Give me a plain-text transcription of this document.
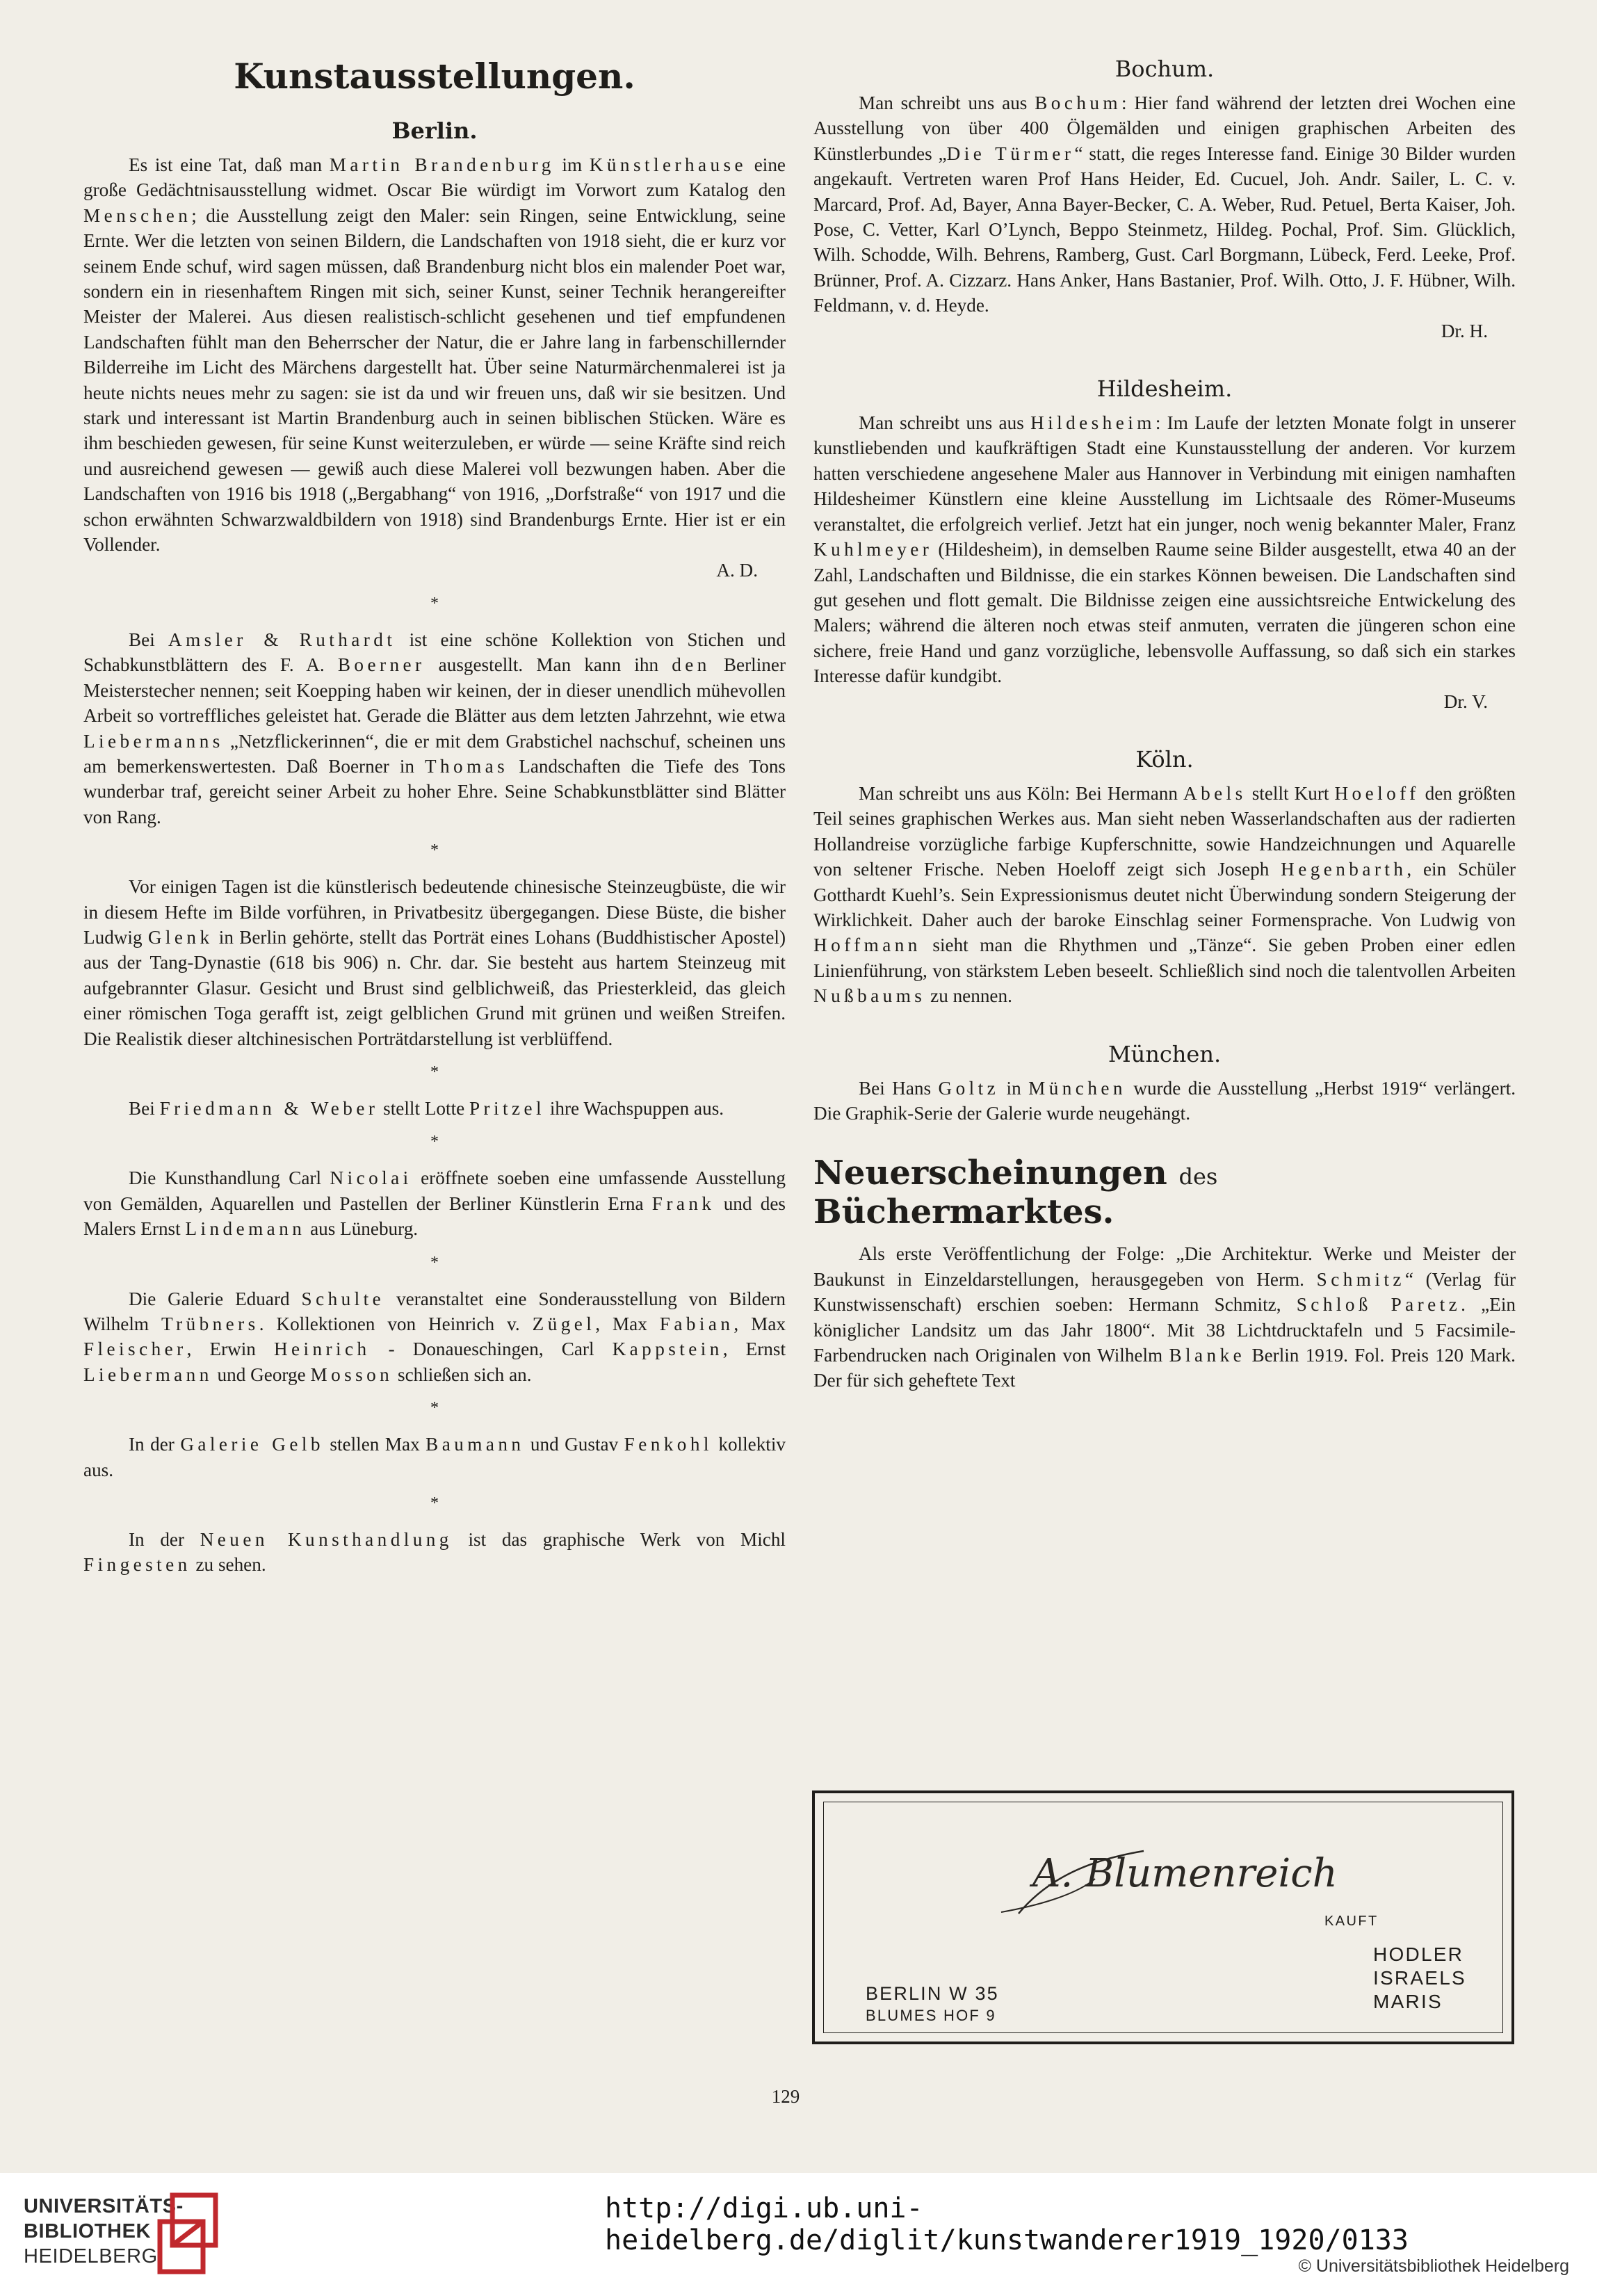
Kunstausstellungen.
Berlin.

Es ist eine Tat, daß man Martin Brandenburg im Künstlerhause eine große Gedächtnisausstellung widmet. Oscar Bie würdigt im Vorwort zum Katalog den Menschen; die Ausstellung zeigt den Maler: sein Ringen, seine Entwicklung, seine Ernte. Wer die letzten von seinen Bildern, die Landschaften von 1918 sieht, die er kurz vor seinem Ende schuf, wird sagen müssen, daß Brandenburg nicht blos ein malender Poet war, sondern ein in riesenhaftem Ringen mit sich, seiner Kunst, seiner Technik herangereifter Meister der Malerei. Aus diesen realistisch-schlicht gesehenen und tief empfundenen Landschaften fühlt man den Beherrscher der Natur, die er Jahre lang in farbenschillernder Bilderreihe im Licht des Märchens dargestellt hat. Über seine Naturmärchenmalerei ist ja heute nichts neues mehr zu sagen: sie ist da und wir freuen uns, daß wir sie besitzen. Und stark und interessant ist Martin Brandenburg auch in seinen biblischen Stücken. Wäre es ihm beschieden gewesen, für seine Kunst weiterzuleben, er würde — seine Kräfte sind reich und ausreichend gewesen — gewiß auch diese Malerei voll bezwungen haben. Aber die Landschaften von 1916 bis 1918 („Bergabhang“ von 1916, „Dorfstraße“ von 1917 und die schon erwähnten Schwarzwaldbildern von 1918) sind Brandenburgs Ernte. Hier ist er ein Vollender.

A. D.

*

Bei Amsler & Ruthardt ist eine schöne Kollektion von Stichen und Schabkunstblättern des F. A. Boerner ausgestellt. Man kann ihn den Berliner Meisterstecher nennen; seit Koepping haben wir keinen, der in dieser unendlich mühevollen Arbeit so vortreffliches geleistet hat. Gerade die Blätter aus dem letzten Jahrzehnt, wie etwa Liebermanns „Netzflickerinnen“, die er mit dem Grabstichel nachschuf, scheinen uns am bemerkenswertesten. Daß Boerner in Thomas Landschaften die Tiefe des Tons wunderbar traf, gereicht seiner Arbeit zu hoher Ehre. Seine Schabkunstblätter sind Blätter von Rang.

*

Vor einigen Tagen ist die künstlerisch bedeutende chinesische Steinzeugbüste, die wir in diesem Hefte im Bilde vorführen, in Privatbesitz übergegangen. Diese Büste, die bisher Ludwig Glenk in Berlin gehörte, stellt das Porträt eines Lohans (Buddhistischer Apostel) aus der Tang-Dynastie (618 bis 906) n. Chr. dar. Sie besteht aus hartem Steinzeug mit aufgebrannter Glasur. Gesicht und Brust sind gelblichweiß, das Priesterkleid, das gleich einer römischen Toga gerafft ist, zeigt gelblichen Grund mit grünen und weißen Streifen. Die Realistik dieser altchinesischen Porträtdarstellung ist verblüffend.

*

Bei Friedmann & Weber stellt Lotte Pritzel ihre Wachspuppen aus.

*

Die Kunsthandlung Carl Nicolai eröffnete soeben eine umfassende Ausstellung von Gemälden, Aquarellen und Pastellen der Berliner Künstlerin Erna Frank und des Malers Ernst Lindemann aus Lüneburg.

*

Die Galerie Eduard Schulte veranstaltet eine Sonderausstellung von Bildern Wilhelm Trübners. Kollektionen von Heinrich v. Zügel, Max Fabian, Max Fleischer, Erwin Heinrich - Donaueschingen, Carl Kappstein, Ernst Liebermann und George Mosson schließen sich an.

*

In der Galerie Gelb stellen Max Baumann und Gustav Fenkohl kollektiv aus.

*

In der Neuen Kunsthandlung ist das graphische Werk von Michl Fingesten zu sehen.

Bochum.

Man schreibt uns aus Bochum: Hier fand während der letzten drei Wochen eine Ausstellung von über 400 Ölgemälden und einigen graphischen Arbeiten des Künstlerbundes „Die Türmer“ statt, die reges Interesse fand. Einige 30 Bilder wurden angekauft. Vertreten waren Prof Hans Heider, Ed. Cucuel, Joh. Andr. Sailer, L. C. v. Marcard, Prof. Ad, Bayer, Anna Bayer-Becker, C. A. Weber, Rud. Petuel, Berta Kaiser, Joh. Pose, C. Vetter, Karl O’Lynch, Beppo Steinmetz, Hildeg. Pochal, Prof. Sim. Glücklich, Wilh. Schodde, Wilh. Behrens, Ramberg, Gust. Carl Borgmann, Lübeck, Ferd. Leeke, Prof. Brünner, Prof. A. Cizzarz. Hans Anker, Hans Bastanier, Prof. Wilh. Otto, J. F. Hübner, Wilh. Feldmann, v. d. Heyde.

Dr. H.

Hildesheim.

Man schreibt uns aus Hildesheim: Im Laufe der letzten Monate folgt in unserer kunstliebenden und kaufkräftigen Stadt eine Kunstausstellung der anderen. Vor kurzem hatten verschiedene angesehene Maler aus Hannover in Verbindung mit einigen namhaften Hildesheimer Künstlern eine kleine Ausstellung im Lichtsaale des Römer-Museums veranstaltet, die erfolgreich verlief. Jetzt hat ein junger, noch wenig bekannter Maler, Franz Kuhlmeyer (Hildesheim), in demselben Raume seine Bilder ausgestellt, etwa 40 an der Zahl, Landschaften und Bildnisse, die ein starkes Können beweisen. Die Landschaften sind gut gesehen und flott gemalt. Die Bildnisse zeigen eine aussichtsreiche Entwickelung des Malers; während die älteren noch etwas steif anmuten, verraten die jüngeren schon eine sichere, freie Hand und ganz vorzügliche, lebensvolle Auffassung, so daß sich ein starkes Interesse dafür kundgibt.

Dr. V.

Köln.

Man schreibt uns aus Köln: Bei Hermann Abels stellt Kurt Hoeloff den größten Teil seines graphischen Werkes aus. Man sieht neben Wasserlandschaften aus der radierten Hollandreise vorzügliche farbige Kupferschnitte, sowie Handzeichnungen und Aquarelle von seltener Frische. Neben Hoeloff zeigt sich Joseph Hegenbarth, ein Schüler Gotthardt Kuehl’s. Sein Expressionismus deutet nicht Überwindung sondern Steigerung der Wirklichkeit. Daher auch der baroke Einschlag seiner Formensprache. Von Ludwig von Hoffmann sieht man die Rhythmen und „Tänze“. Sie geben Proben einer edlen Linienführung, von stärkstem Leben beseelt. Schließlich sind noch die talentvollen Arbeiten Nußbaums zu nennen.

München.

Bei Hans Goltz in München wurde die Ausstellung „Herbst 1919“ verlängert. Die Graphik-Serie der Galerie wurde neugehängt.

Neuerscheinungen des Büchermarktes.

Als erste Veröffentlichung der Folge: „Die Architektur. Werke und Meister der Baukunst in Einzeldarstellungen, herausgegeben von Herm. Schmitz“ (Verlag für Kunstwissenschaft) erschien soeben: Hermann Schmitz, Schloß Paretz. „Ein königlicher Landsitz um das Jahr 1800“. Mit 38 Lichtdrucktafeln und 5 Facsimile-Farbendrucken nach Originalen von Wilhelm Blanke Berlin 1919. Fol. Preis 120 Mark. Der für sich geheftete Text

A. Blumenreich
KAUFT
HODLER
ISRAELS
MARIS
BERLIN W 35
BLUMES HOF 9
129
UNIVERSITÄTS-
BIBLIOTHEK
HEIDELBERG
http://digi.ub.uni-heidelberg.de/diglit/kunstwanderer1919_1920/0133
© Universitätsbibliothek Heidelberg
